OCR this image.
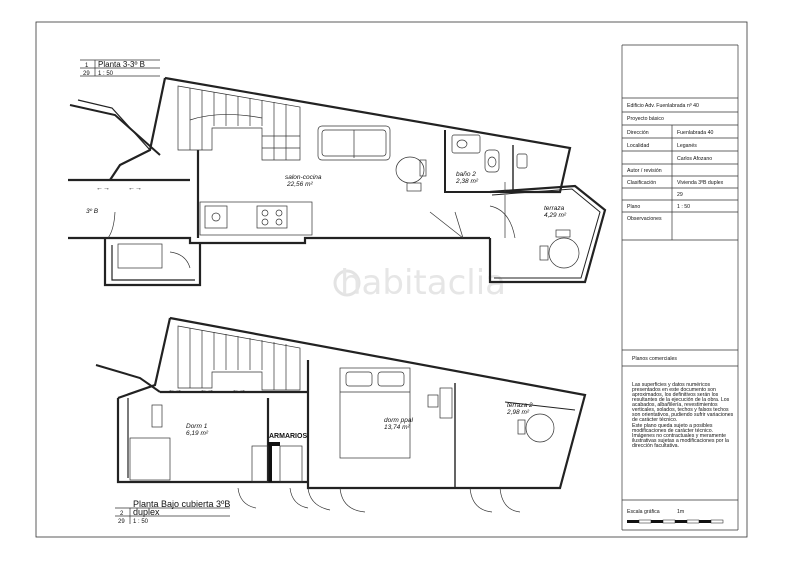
habitaclia
1
29
Planta 3-3º B
1 : 50
←→	←→
3º B
salon-cocina
22,56 m²
baño 2
2,38 m²
terraza
4,29 m²
←→	←→	←→
ARMARIOS
Dorm 1
6,19 m²
dorm ppal
13,74 m²
terraza 2
2,98 m²
2
29
Planta Bajo cubierta 3ºB
duplex
1 : 50
Edificio Adv. Fuenlabrada nº 40
Proyecto básico
Dirección	Fuenlabrada 40
Localidad	Leganés
Carlos Afozano
Autor / revisión
Clasificación	Vivienda 3ºB duplex
29
Plano	1 : 50
Observaciones
Planos comerciales
Las superficies y datos numéricos
presentados en este documento son
aproximados, los definitivos serán los
resultantes de la ejecución de la obra. Los
acabados, albañilería, revestimientos
verticales, solados, techos y falsos techos
son orientativos, pudiendo sufrir variaciones
de carácter técnico.
Este plano queda sujeto a posibles
modificaciones de carácter técnico.
Imágenes no contractuales y meramente
ilustrativas sujetas a modificaciones por la
dirección facultativa.
Escala gráfica	1m
